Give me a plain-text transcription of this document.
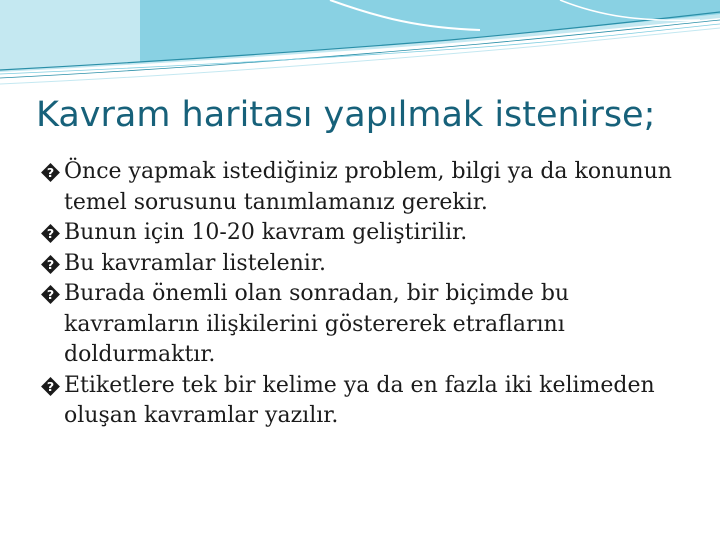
Kavram haritası yapılmak istenirse;
? Önce yapmak istediğiniz problem, bilgi ya da konunun temel sorusunu tanımlamanız gerekir.
? Bunun için 10-20 kavram geliştirilir.
? Bu kavramlar listelenir.
? Burada önemli olan sonradan, bir biçimde bu kavramların ilişkilerini göstererek etraflarını doldurmaktır.
? Etiketlere tek bir kelime ya da en fazla iki kelimeden oluşan kavramlar yazılır.
